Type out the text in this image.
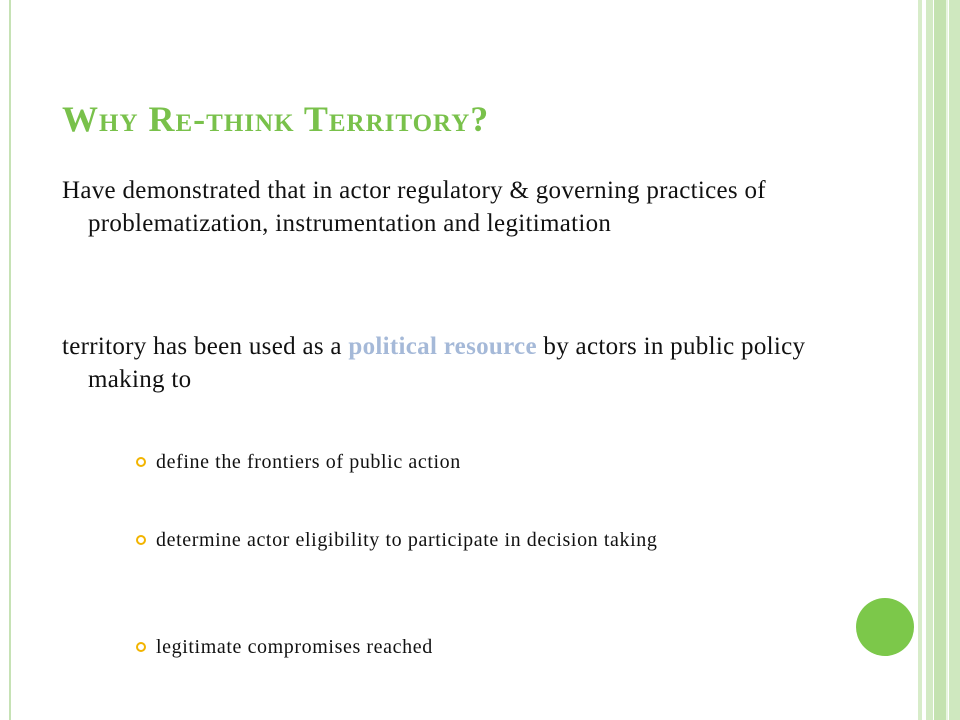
Why Re-think Territory?

Have demonstrated that in actor regulatory & governing practices of problematization, instrumentation and legitimation

territory has been used as a political resource by actors in public policy making to

define the frontiers of public action
determine actor eligibility to participate in decision taking
legitimate compromises reached
